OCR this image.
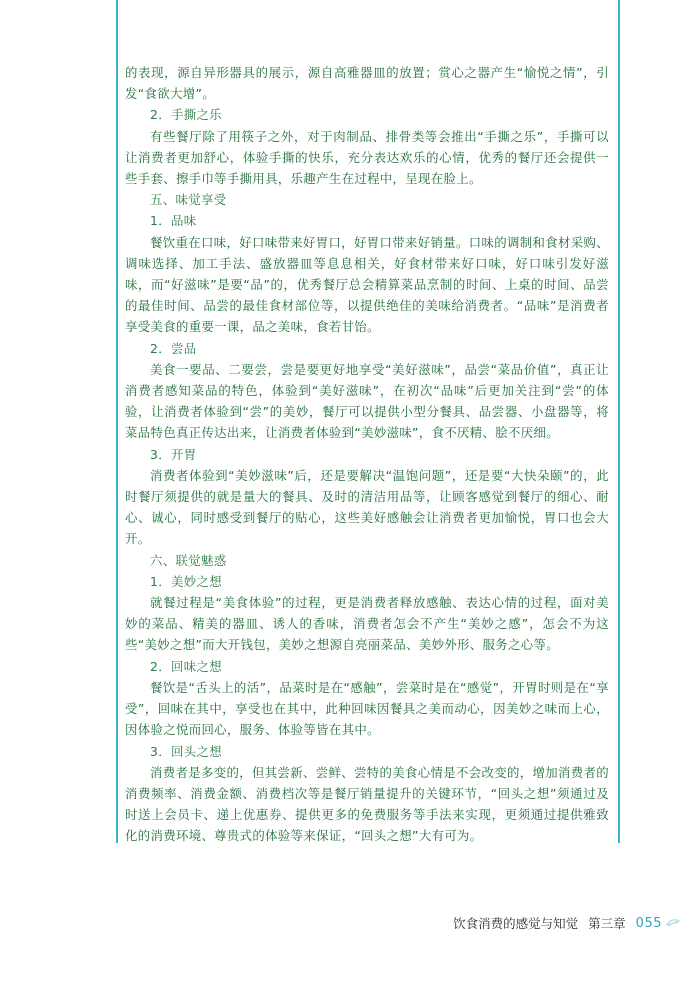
的表现，源自异形器具的展示，源自高雅器皿的放置；赏心之器产生“愉悦之情”，引发“食欲大增”。

2．手撕之乐

有些餐厅除了用筷子之外，对于肉制品、排骨类等会推出“手撕之乐”，手撕可以让消费者更加舒心，体验手撕的快乐，充分表达欢乐的心情，优秀的餐厅还会提供一些手套、擦手巾等手撕用具，乐趣产生在过程中，呈现在脸上。

五、味觉享受

1．品味

餐饮重在口味，好口味带来好胃口，好胃口带来好销量。口味的调制和食材采购、调味选择、加工手法、盛放器皿等息息相关，好食材带来好口味，好口味引发好滋味，而“好滋味”是要“品”的，优秀餐厅总会精算菜品烹制的时间、上桌的时间、品尝的最佳时间、品尝的最佳食材部位等，以提供绝佳的美味给消费者。“品味”是消费者享受美食的重要一课，品之美味，食若甘饴。

2．尝品

美食一要品、二要尝，尝是要更好地享受“美好滋味”，品尝“菜品价值”，真正让消费者感知菜品的特色，体验到“美好滋味”，在初次“品味”后更加关注到“尝”的体验，让消费者体验到“尝”的美妙，餐厅可以提供小型分餐具、品尝器、小盘器等，将菜品特色真正传达出来，让消费者体验到“美妙滋味”，食不厌精、脍不厌细。

3．开胃

消费者体验到“美妙滋味”后，还是要解决“温饱问题”，还是要“大快朵颐”的，此时餐厅须提供的就是量大的餐具、及时的清洁用品等，让顾客感觉到餐厅的细心、耐心、诚心，同时感受到餐厅的贴心，这些美好感触会让消费者更加愉悦，胃口也会大开。

六、联觉魅惑

1．美妙之想

就餐过程是“美食体验”的过程，更是消费者释放感触、表达心情的过程，面对美妙的菜品、精美的器皿、诱人的香味，消费者怎会不产生“美妙之感”，怎会不为这些“美妙之想”而大开钱包，美妙之想源自亮丽菜品、美妙外形、服务之心等。

2．回味之想

餐饮是“舌头上的活”，品菜时是在“感触”，尝菜时是在“感觉”，开胃时则是在“享受”，回味在其中，享受也在其中，此种回味因餐具之美而动心，因美妙之味而上心，因体验之悦而回心，服务、体验等皆在其中。

3．回头之想

消费者是多变的，但其尝新、尝鲜、尝特的美食心情是不会改变的，增加消费者的消费频率、消费金额、消费档次等是餐厅销量提升的关键环节，“回头之想”须通过及时送上会员卡、递上优惠券、提供更多的免费服务等手法来实现，更须通过提供雅致化的消费环境、尊贵式的体验等来保证，“回头之想”大有可为。

饮食消费的感觉与知觉 第三章 055
